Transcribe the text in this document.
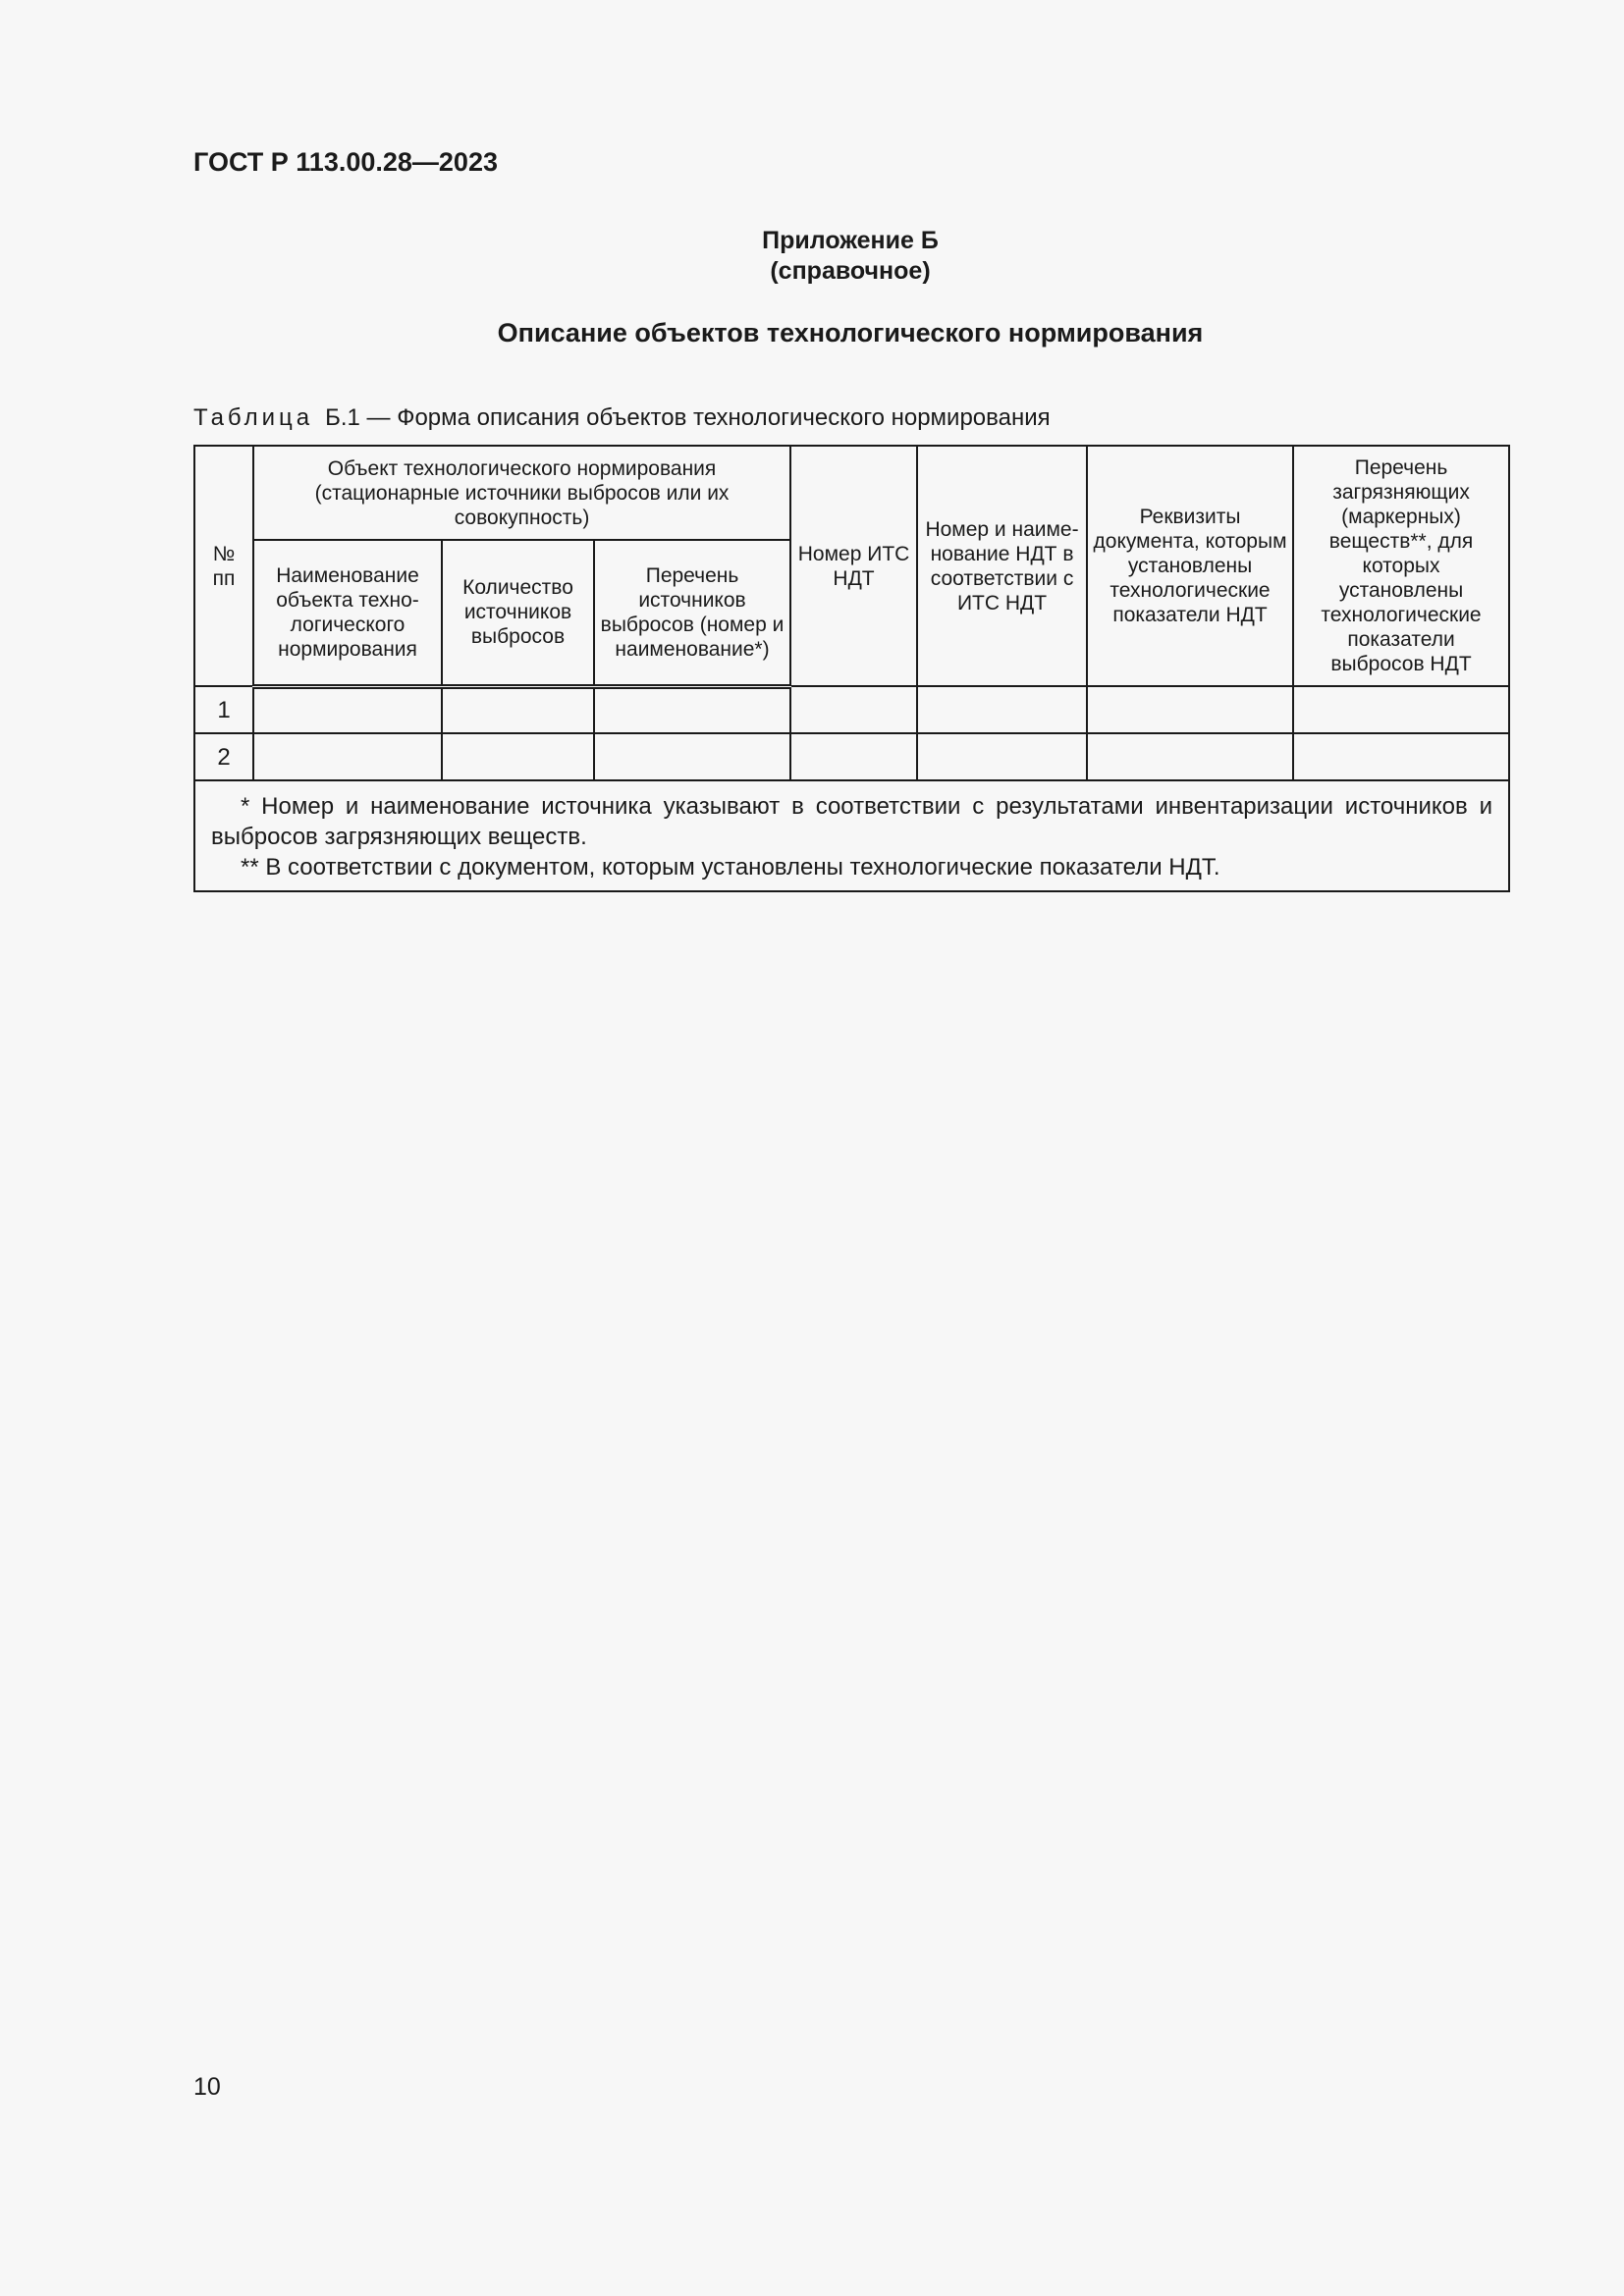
ГОСТ Р 113.00.28—2023
Приложение Б
(справочное)
Описание объектов технологического нормирования
Таблица Б.1 — Форма описания объектов технологического нормирования
№ пп	Объект технологического нормирования (стационарные источники выбросов или их совокупность)			Номер ИТС НДТ	Номер и наиме-нование НДТ в соответствии с ИТС НДТ	Реквизиты документа, которым установлены технологические показатели НДТ	Перечень загрязняющих (маркерных) веществ**, для которых установлены технологические показатели выбросов НДТ
	Наименование объекта техно-логического нормирования	Количество источников выбросов	Перечень источников выбросов (номер и наименование*)				
1							
2							

* Номер и наименование источника указывают в соответствии с результатами инвентаризации источников и выбросов загрязняющих веществ.

** В соответствии с документом, которым установлены технологические показатели НДТ.							

10
